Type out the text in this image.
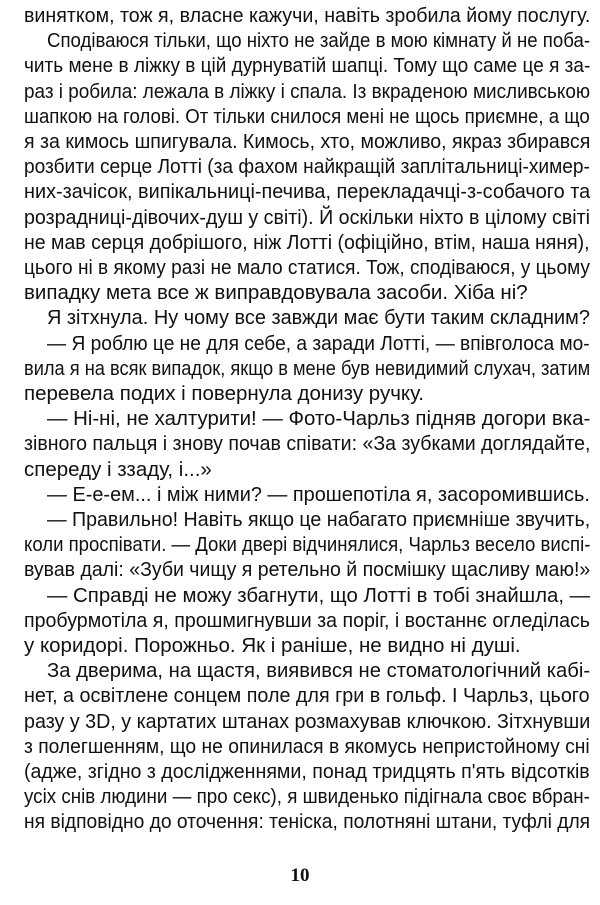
винятком, тож я, власне кажучи, навіть зробила йому послугу.
Сподіваюся тільки, що ніхто не зайде в мою кімнату й не поба-
чить мене в ліжку в цій дурнуватій шапці. Тому що саме це я за-
раз і робила: лежала в ліжку і спала. Із вкраденою мисливською
шапкою на голові. От тільки снилося мені не щось приємне, а що
я за кимось шпигувала. Кимось, хто, можливо, якраз збирався
розбити серце Лотті (за фахом найкращій заплітальниці-химер-
них-зачісок, випікальниці-печива, перекладачці-з-собачого та
розрадниці-дівочих-душ у світі). Й оскільки ніхто в цілому світі
не мав серця добрішого, ніж Лотті (офіційно, втім, наша няня),
цього ні в якому разі не мало статися. Тож, сподіваюся, у цьому
випадку мета все ж виправдовувала засоби. Хіба ні?
Я зітхнула. Ну чому все завжди має бути таким складним?
— Я роблю це не для себе, а заради Лотті, — впівголоса мо-
вила я на всяк випадок, якщо в мене був невидимий слухач, затим
перевела подих і повернула донизу ручку.
— Ні-ні, не халтурити! — Фото-Чарльз підняв догори вка-
зівного пальця і знову почав співати: «За зубками доглядайте,
спереду і ззаду, і...»
— Е-е-ем... і між ними? — прошепотіла я, засоромившись.
— Правильно! Навіть якщо це набагато приємніше звучить,
коли проспівати. — Доки двері відчинялися, Чарльз весело виспі-
вував далі: «Зуби чищу я ретельно й посмішку щасливу маю!»
— Справді не можу збагнути, що Лотті в тобі знайшла, —
пробурмотіла я, прошмигнувши за поріг, і востаннє огледілась
у коридорі. Порожньо. Як і раніше, не видно ні душі.
За дверима, на щастя, виявився не стоматологічний кабі-
нет, а освітлене сонцем поле для гри в гольф. І Чарльз, цього
разу у 3D, у картатих штанах розмахував ключкою. Зітхнувши
з полегшенням, що не опинилася в якомусь непристойному сні
(адже, згідно з дослідженнями, понад тридцять п'ять відсотків
усіх снів людини — про секс), я швиденько підігнала своє вбран-
ня відповідно до оточення: теніска, полотняні штани, туфлі для
10
